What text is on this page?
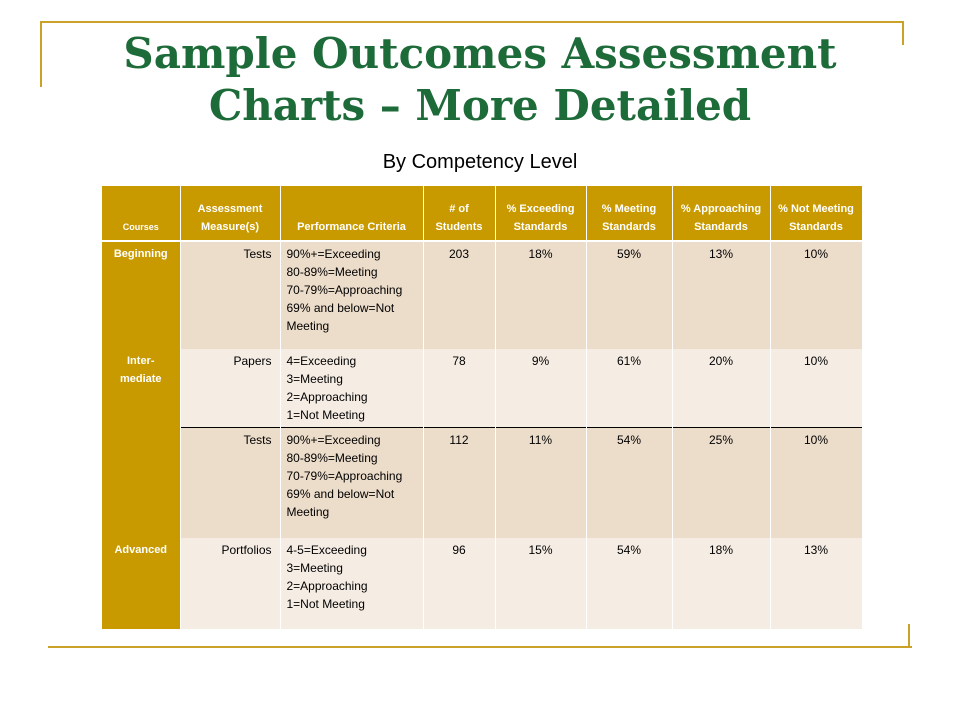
Sample Outcomes Assessment
Charts – More Detailed
By Competency Level
Courses	Assessment Measure(s)	Performance Criteria	# of Students	% Exceeding Standards	% Meeting Standards	% Approaching Standards	% Not Meeting Standards
Beginning	Tests	90%+=Exceeding
80-89%=Meeting
70-79%=Approaching
69% and below=Not Meeting	203	18%	59%	13%	10%

Inter-
mediate	Papers	4=Exceeding
3=Meeting
2=Approaching
1=Not Meeting	78	9%	61%	20%	10%
	Tests	90%+=Exceeding
80-89%=Meeting
70-79%=Approaching
69% and below=Not Meeting	112	11%	54%	25%	10%
Advanced	Portfolios	4-5=Exceeding
3=Meeting
2=Approaching
1=Not Meeting	96	15%	54%	18%	13%
